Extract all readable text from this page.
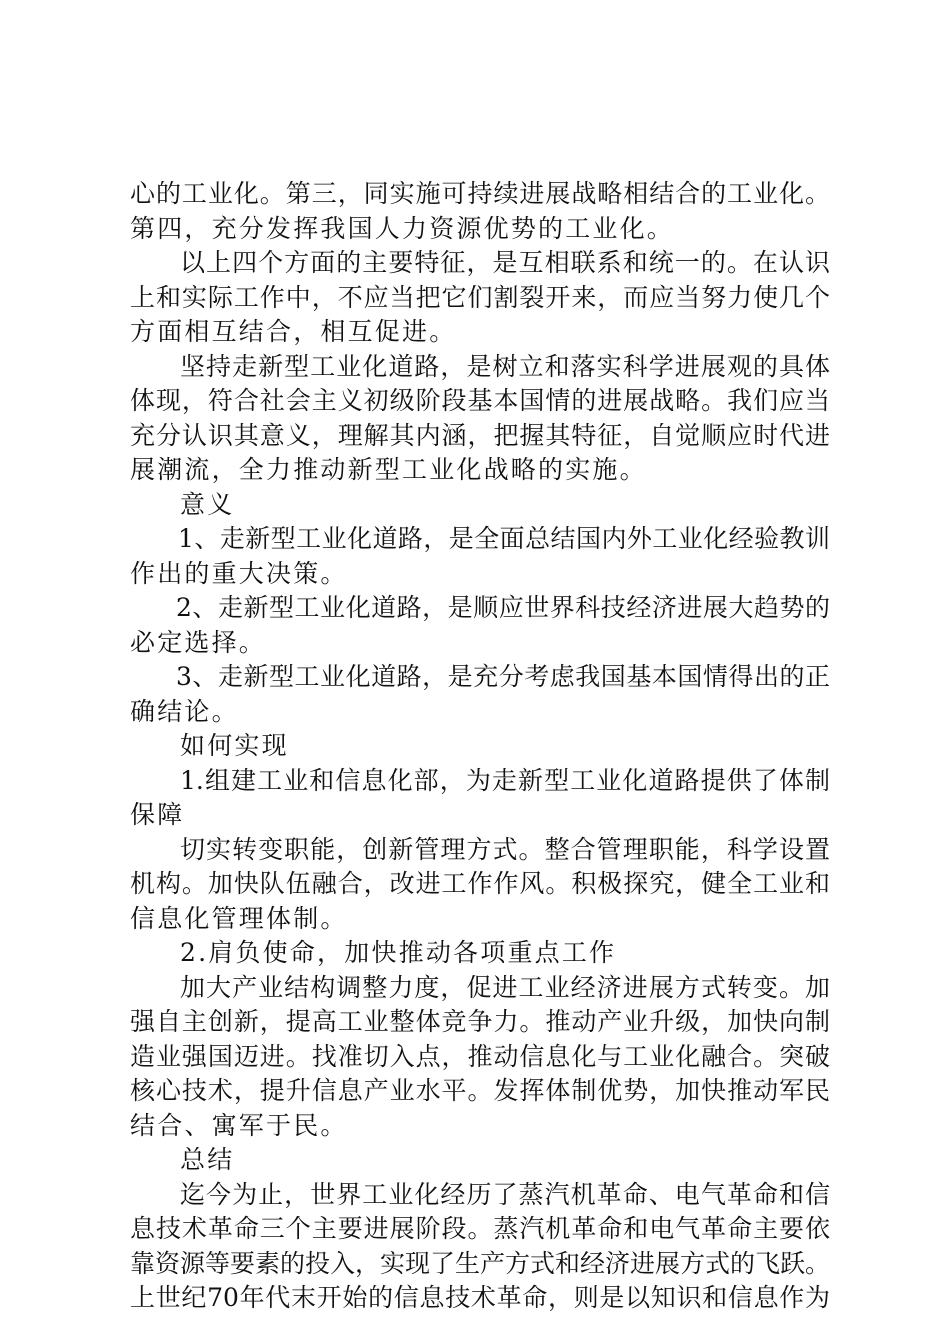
心的工业化。第三，同实施可持续进展战略相结合的工业化。
第四，充分发挥我国人力资源优势的工业化。
以上四个方面的主要特征，是互相联系和统一的。在认识
上和实际工作中，不应当把它们割裂开来，而应当努力使几个
方面相互结合，相互促进。
坚持走新型工业化道路，是树立和落实科学进展观的具体
体现，符合社会主义初级阶段基本国情的进展战略。我们应当
充分认识其意义，理解其内涵，把握其特征，自觉顺应时代进
展潮流，全力推动新型工业化战略的实施。
意义
1、走新型工业化道路，是全面总结国内外工业化经验教训
作出的重大决策。
2、走新型工业化道路，是顺应世界科技经济进展大趋势的
必定选择。
3、走新型工业化道路，是充分考虑我国基本国情得出的正
确结论。
如何实现
1.组建工业和信息化部，为走新型工业化道路提供了体制
保障
切实转变职能，创新管理方式。整合管理职能，科学设置
机构。加快队伍融合，改进工作作风。积极探究，健全工业和
信息化管理体制。
2.肩负使命，加快推动各项重点工作
加大产业结构调整力度，促进工业经济进展方式转变。加
强自主创新，提高工业整体竞争力。推动产业升级，加快向制
造业强国迈进。找准切入点，推动信息化与工业化融合。突破
核心技术，提升信息产业水平。发挥体制优势，加快推动军民
结合、寓军于民。
总结
迄今为止，世界工业化经历了蒸汽机革命、电气革命和信
息技术革命三个主要进展阶段。蒸汽机革命和电气革命主要依
靠资源等要素的投入，实现了生产方式和经济进展方式的飞跃。
上世纪70年代末开始的信息技术革命，则是以知识和信息作为
